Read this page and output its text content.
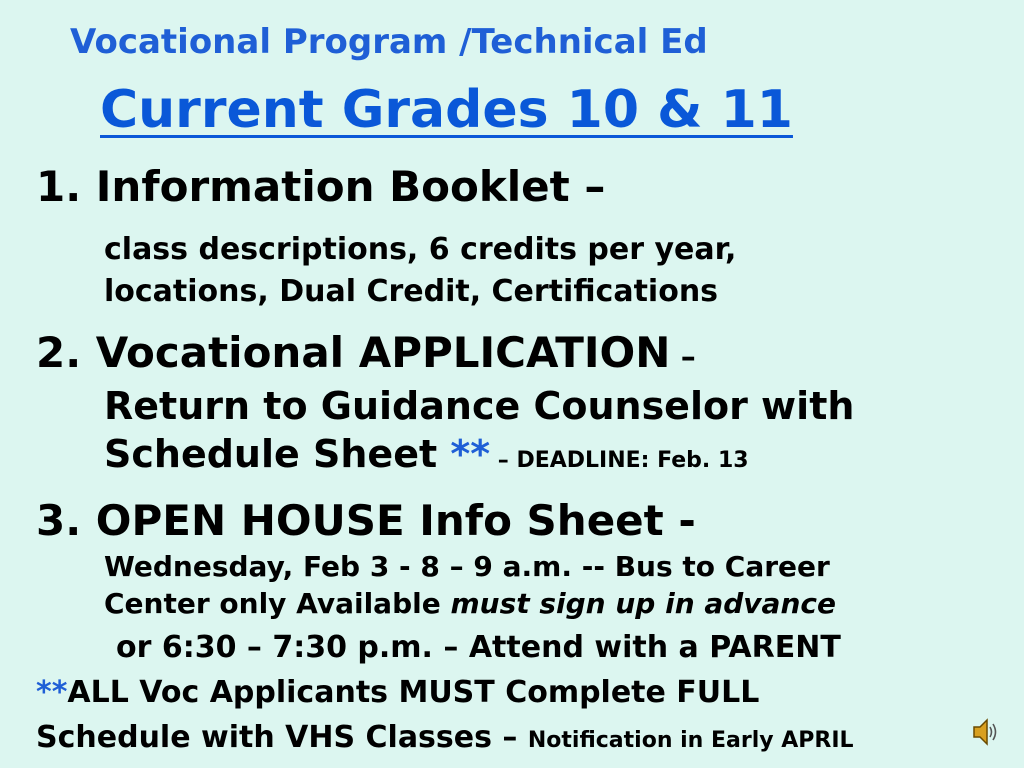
Vocational Program /Technical Ed
Current Grades 10 & 11
1. Information Booklet –
class descriptions, 6 credits per year,
locations, Dual Credit, Certifications
2. Vocational APPLICATION –
Return to Guidance Counselor with
Schedule Sheet ** – DEADLINE: Feb. 13
3. OPEN HOUSE Info Sheet -
Wednesday, Feb 3 - 8 – 9 a.m. -- Bus to Career
Center only Available must sign up in advance
or 6:30 – 7:30 p.m. – Attend with a PARENT
**ALL Voc Applicants MUST Complete FULL
Schedule with VHS Classes – Notification in Early APRIL
